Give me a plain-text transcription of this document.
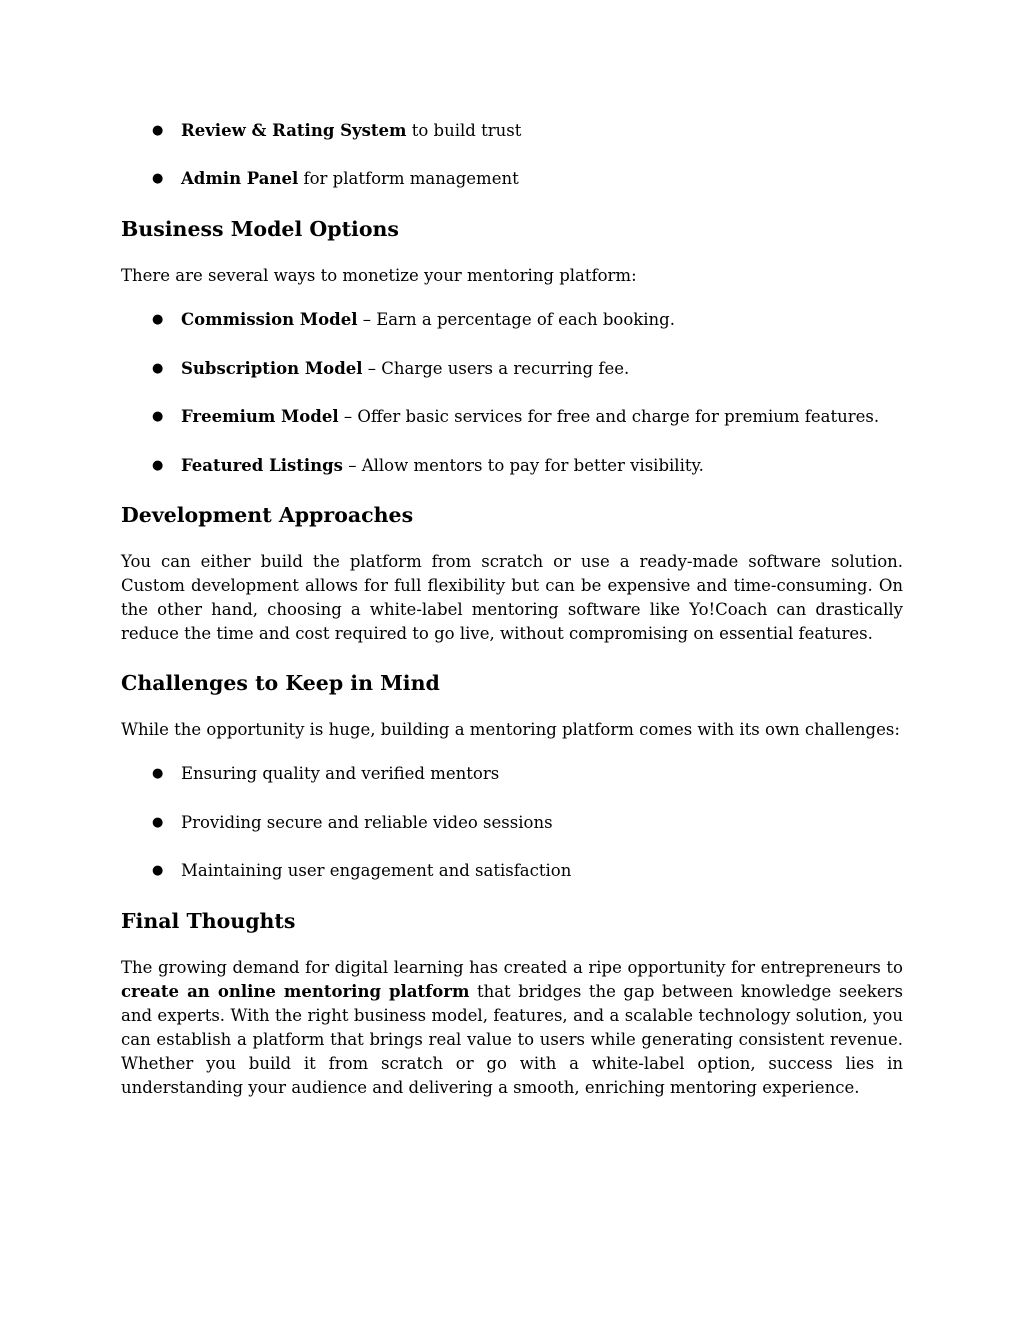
● Review & Rating System to build trust
● Admin Panel for platform management
Business Model Options

There are several ways to monetize your mentoring platform:

● Commission Model – Earn a percentage of each booking.
● Subscription Model – Charge users a recurring fee.
● Freemium Model – Offer basic services for free and charge for premium features.
● Featured Listings – Allow mentors to pay for better visibility.
Development Approaches

You can either build the platform from scratch or use a ready-made software solution. Custom development allows for full flexibility but can be expensive and time-consuming. On the other hand, choosing a white-label mentoring software like Yo!Coach can drastically reduce the time and cost required to go live, without compromising on essential features.

Challenges to Keep in Mind

While the opportunity is huge, building a mentoring platform comes with its own challenges:

● Ensuring quality and verified mentors
● Providing secure and reliable video sessions
● Maintaining user engagement and satisfaction
Final Thoughts

The growing demand for digital learning has created a ripe opportunity for entrepreneurs to create an online mentoring platform that bridges the gap between knowledge seekers and experts. With the right business model, features, and a scalable technology solution, you can establish a platform that brings real value to users while generating consistent revenue. Whether you build it from scratch or go with a white-label option, success lies in understanding your audience and delivering a smooth, enriching mentoring experience.
